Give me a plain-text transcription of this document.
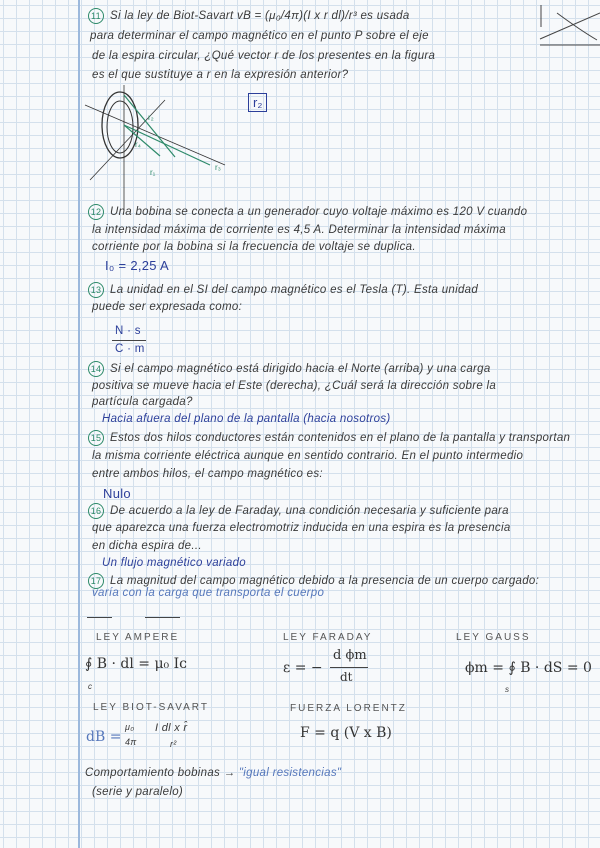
11 Si la ley de Biot-Savart vB = (μ₀/4π)(I x r dl)/r³ es usada
para determinar el campo magnético en el punto P sobre el eje
de la espira circular, ¿Qué vector r de los presentes en la figura
es el que sustituye a r en la expresión anterior?
r₂
r₃
r₁
r₄
r₂
12 Una bobina se conecta a un generador cuyo voltaje máximo es 120 V cuando
la intensidad máxima de corriente es 4,5 A. Determinar la intensidad máxima
corriente por la bobina si la frecuencia de voltaje se duplica.
I₀ = 2,25 A
13 La unidad en el SI del campo magnético es el Tesla (T). Esta unidad
puede ser expresada como:
N · s
C · m
14 Si el campo magnético está dirigido hacia el Norte (arriba) y una carga
positiva se mueve hacia el Este (derecha), ¿Cuál será la dirección sobre la
partícula cargada?
Hacia afuera del plano de la pantalla (hacia nosotros)
15 Estos dos hilos conductores están contenidos en el plano de la pantalla y transportan
la misma corriente eléctrica aunque en sentido contrario. En el punto intermedio
entre ambos hilos, el campo magnético es:
Nulo
16 De acuerdo a la ley de Faraday, una condición necesaria y suficiente para
que aparezca una fuerza electromotriz inducida en una espira es la presencia
en dicha espira de...
Un flujo magnético variado
17 La magnitud del campo magnético debido a la presencia de un cuerpo cargado:
varía con la carga que transporta el cuerpo
LEY AMPERE
∮ B · dl = μ₀ Iᴄ
c
LEY FARADAY
ε = −
d ϕm
dt
LEY GAUSS
ϕm = ∮ B · dS = 0
s
LEY BIOT-SAVART
dB =
μ₀
4π
I dl x r̂
r²
FUERZA LORENTZ
F = q (V x B)
Comportamiento bobinas → "igual resistencias"
(serie y paralelo)
